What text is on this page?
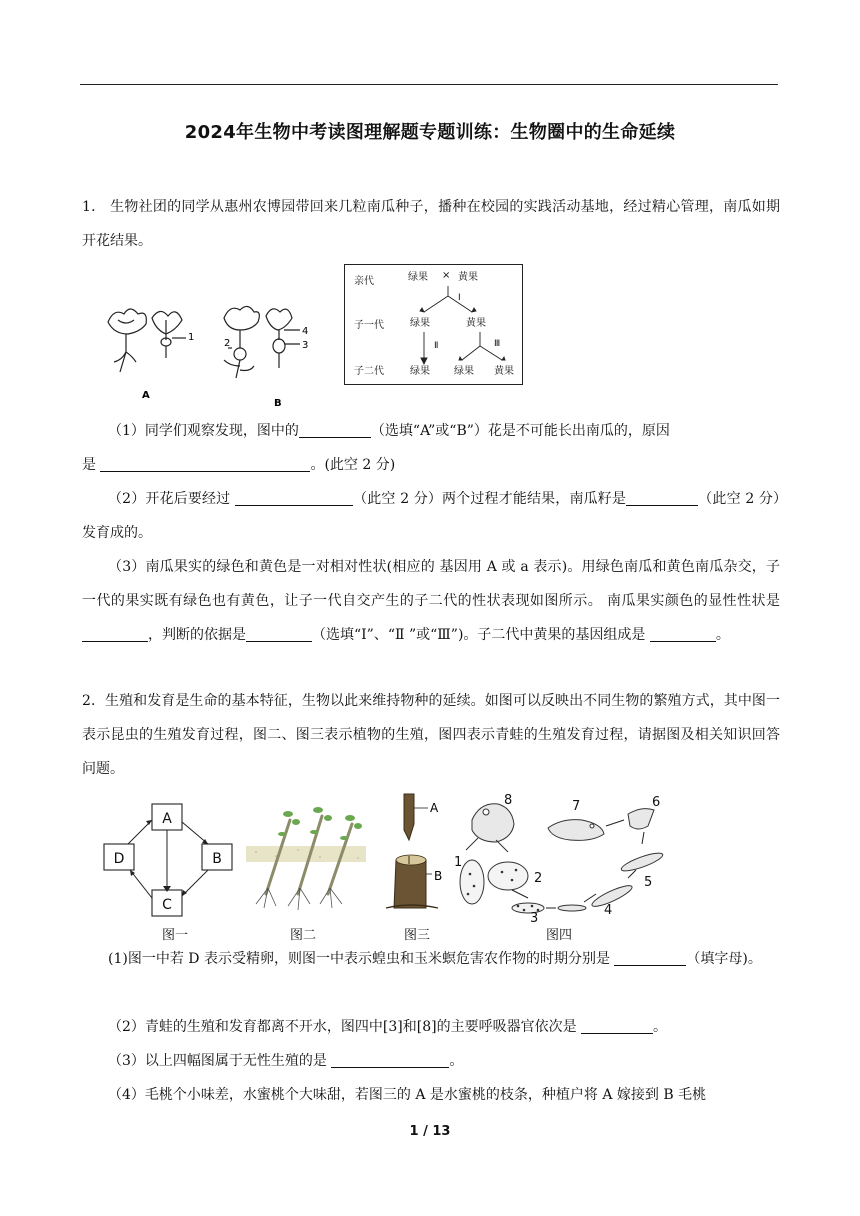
2024年生物中考读图理解题专题训练：生物圈中的生命延续
1． 生物社团的同学从惠州农博园带回来几粒南瓜种子，播种在校园的实践活动基地，经过精心管理，南瓜如期开花结果。
1
2	3
4
A
B
亲代	绿果 × 黄果
Ⅰ
子一代	绿果	黄果
Ⅱ	Ⅲ
子二代	绿果 绿果 黄果
（1）同学们观察发现，图中的	（选填“A”或“B”）花是不可能长出南瓜的，原因
是	。(此空 2 分)
（2）开花后要经过	（此空 2 分）两个过程才能结果，南瓜籽是	（此空 2 分）发育成的。
（3）南瓜果实的绿色和黄色是一对相对性状(相应的 基因用 A 或 a 表示)。用绿色南瓜和黄色南瓜杂交，子一代的果实既有绿色也有黄色，让子一代自交产生的子二代的性状表现如图所示。 南瓜果实颜色的显性性状是，判断的依据是	（选填“Ⅰ”、“Ⅱ ”或“Ⅲ”)。子二代中黄果的基因组成是	。
2．生殖和发育是生命的基本特征，生物以此来维持物种的延续。如图可以反映出不同生物的繁殖方式，其中图一表示昆虫的生殖发育过程，图二、图三表示植物的生殖，图四表示青蛙的生殖发育过程，请据图及相关知识回答问题。
A
B
C
D
A
B
1
2
3
4
5
6
7
8
图一	图二	图三	图四
(1)图一中若 D 表示受精卵，则图一中表示蝗虫和玉米螟危害农作物的时期分别是	（填字母)。
（2）青蛙的生殖和发育都离不开水，图四中[3]和[8]的主要呼吸器官依次是	。
（3）以上四幅图属于无性生殖的是	。
（4）毛桃个小味差，水蜜桃个大味甜，若图三的 A 是水蜜桃的枝条，种植户将 A 嫁接到 B 毛桃
1 / 13
